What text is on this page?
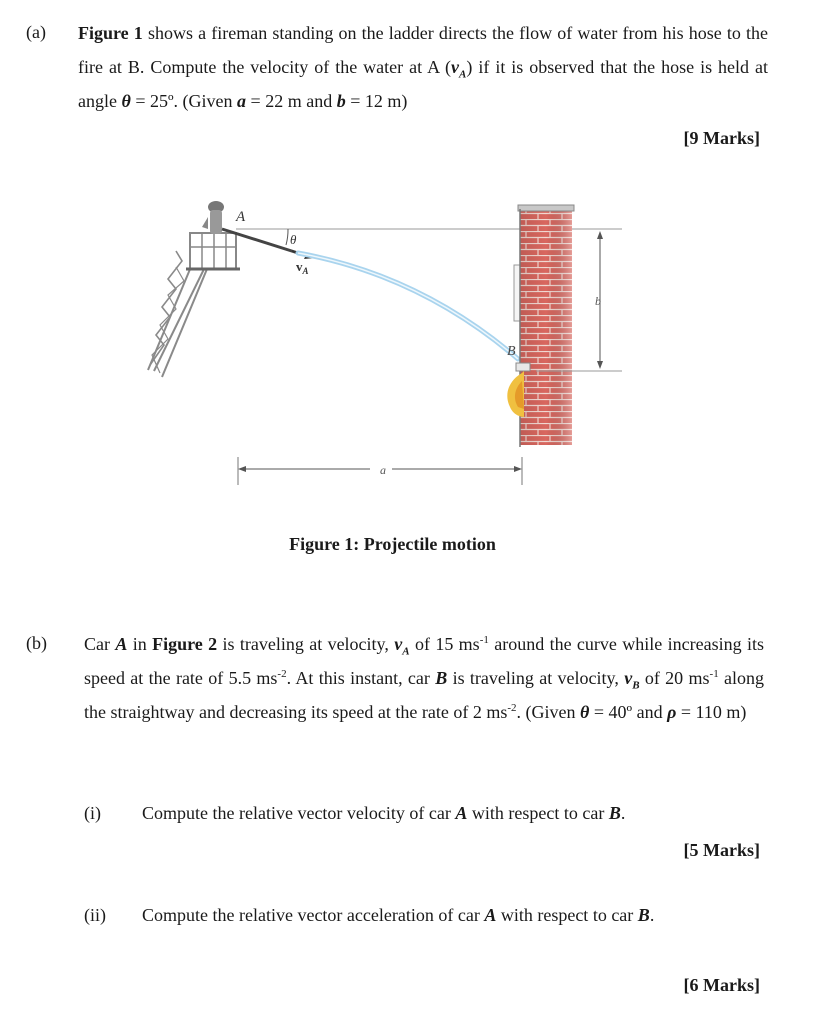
(a) Figure 1 shows a fireman standing on the ladder directs the flow of water from his hose to the fire at B. Compute the velocity of the water at A $(v_A)$ if it is observed that the hose is held at angle θ = 25º. (Given a = 22 m and b = 12 m)
[9 Marks]
A
θ
$v_A$
B
b
a
Figure 1: Projectile motion
(b) Car A in Figure 2 is traveling at velocity, $v_A$ of 15 $ms^{-1}$ around the curve while increasing its speed at the rate of 5.5 $ms^{-2}$. At this instant, car B is traveling at velocity, $v_B$ of 20 $ms^{-1}$ along the straightway and decreasing its speed at the rate of 2 $ms^{-2}$. (Given θ = 40º and ρ = 110 m)
(i) Compute the relative vector velocity of car A with respect to car B.
[5 Marks]
(ii) Compute the relative vector acceleration of car A with respect to car B.
[6 Marks]
